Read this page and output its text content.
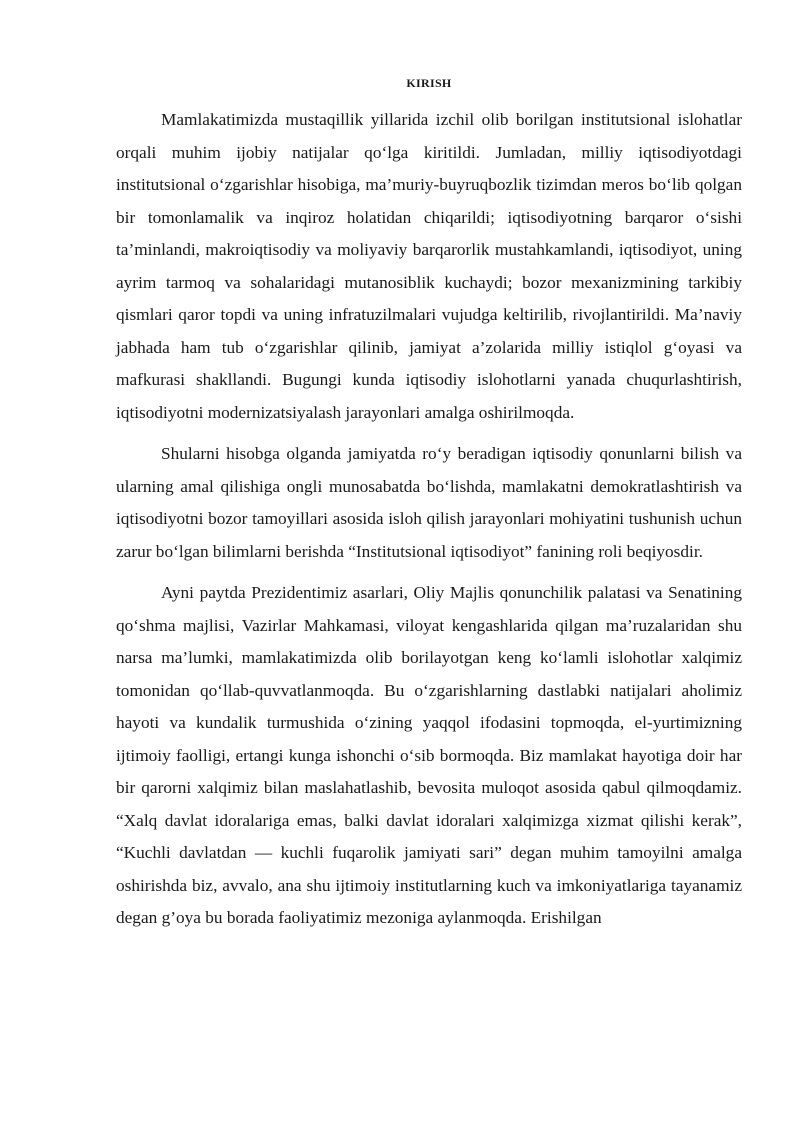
KIRISH

Mamlakatimizda mustaqillik yillarida izchil olib borilgan institutsional islohatlar orqali muhim ijobiy natijalar qo‘lga kiritildi. Jumladan, milliy iqtisodiyotdagi institutsional o‘zgarishlar hisobiga, ma’muriy-buyruqbozlik tizimdan meros bo‘lib qolgan bir tomonlamalik va inqiroz holatidan chiqarildi; iqtisodiyotning barqaror o‘sishi ta’minlandi, makroiqtisodiy va moliyaviy barqarorlik mustahkamlandi, iqtisodiyot, uning ayrim tarmoq va sohalaridagi mutanosiblik kuchaydi; bozor mexanizmining tarkibiy qismlari qaror topdi va uning infratuzilmalari vujudga keltirilib, rivojlantirildi. Ma’naviy jabhada ham tub o‘zgarishlar qilinib, jamiyat a’zolarida milliy istiqlol g‘oyasi va mafkurasi shakllandi. Bugungi kunda iqtisodiy islohotlarni yanada chuqurlashtirish, iqtisodiyotni modernizatsiyalash jarayonlari amalga oshirilmoqda.

Shularni hisobga olganda jamiyatda ro‘y beradigan iqtisodiy qonunlarni bilish va ularning amal qilishiga ongli munosabatda bo‘lishda, mamlakatni demokratlashtirish va iqtisodiyotni bozor tamoyillari asosida isloh qilish jarayonlari mohiyatini tushunish uchun zarur bo‘lgan bilimlarni berishda “Institutsional iqtisodiyot” fanining roli beqiyosdir.

Ayni paytda Prezidentimiz asarlari, Oliy Majlis qonunchilik palatasi va Senatining qo‘shma majlisi, Vazirlar Mahkamasi, viloyat kengashlarida qilgan ma’ruzalaridan shu narsa ma’lumki, mamlakatimizda olib borilayotgan keng ko‘lamli islohotlar xalqimiz tomonidan qo‘llab-quvvatlanmoqda. Bu o‘zgarishlarning dastlabki natijalari aholimiz hayoti va kundalik turmushida o‘zining yaqqol ifodasini topmoqda, el-yurtimizning ijtimoiy faolligi, ertangi kunga ishonchi o‘sib bormoqda. Biz mamlakat hayotiga doir har bir qarorni xalqimiz bilan maslahatlashib, bevosita muloqot asosida qabul qilmoqdamiz. “Xalq davlat idoralariga emas, balki davlat idoralari xalqimizga xizmat qilishi kerak”, “Kuchli davlatdan — kuchli fuqarolik jamiyati sari” degan muhim tamoyilni amalga oshirishda biz, avvalo, ana shu ijtimoiy institutlarning kuch va imkoniyatlariga tayanamiz degan g’oya bu borada faoliyatimiz mezoniga aylanmoqda. Erishilgan
